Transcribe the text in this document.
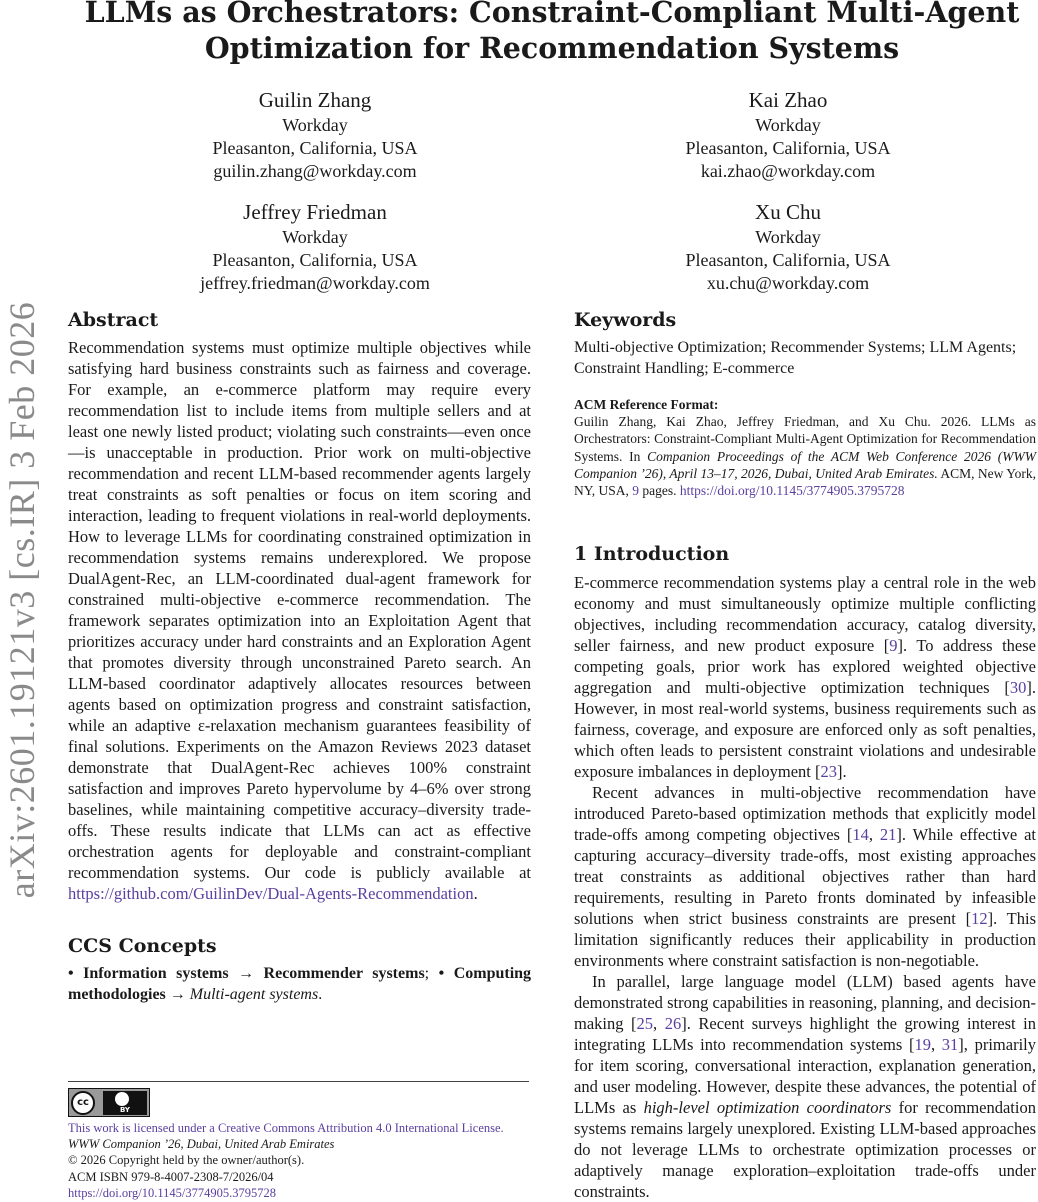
arXiv:2601.19121v3 [cs.IR] 3 Feb 2026
LLMs as Orchestrators: Constraint-Compliant Multi-Agent
Optimization for Recommendation Systems
Guilin Zhang
Workday
Pleasanton, California, USA
guilin.zhang@workday.com
Kai Zhao
Workday
Pleasanton, California, USA
kai.zhao@workday.com
Jeffrey Friedman
Workday
Pleasanton, California, USA
jeffrey.friedman@workday.com
Xu Chu
Workday
Pleasanton, California, USA
xu.chu@workday.com
Abstract

Recommendation systems must optimize multiple objectives while satisfying hard business constraints such as fairness and coverage. For example, an e-commerce platform may require every recommendation list to include items from multiple sellers and at least one newly listed product; violating such constraints—even once—is unacceptable in production. Prior work on multi-objective recommendation and recent LLM-based recommender agents largely treat constraints as soft penalties or focus on item scoring and interaction, leading to frequent violations in real-world deployments. How to leverage LLMs for coordinating constrained optimization in recommendation systems remains underexplored. We propose DualAgent-Rec, an LLM-coordinated dual-agent framework for constrained multi-objective e-commerce recommendation. The framework separates optimization into an Exploitation Agent that prioritizes accuracy under hard constraints and an Exploration Agent that promotes diversity through unconstrained Pareto search. An LLM-based coordinator adaptively allocates resources between agents based on optimization progress and constraint satisfaction, while an adaptive ε-relaxation mechanism guarantees feasibility of final solutions. Experiments on the Amazon Reviews 2023 dataset demonstrate that DualAgent-Rec achieves 100% constraint satisfaction and improves Pareto hypervolume by 4–6% over strong baselines, while maintaining competitive accuracy–diversity trade-offs. These results indicate that LLMs can act as effective orchestration agents for deployable and constraint-compliant recommendation systems. Our code is publicly available at https://github.com/GuilinDev/Dual-Agents-Recommendation.

CCS Concepts

• Information systems → Recommender systems; • Computing methodologies → Multi-agent systems.

cc
BY
This work is licensed under a Creative Commons Attribution 4.0 International License.
WWW Companion ’26, Dubai, United Arab Emirates
© 2026 Copyright held by the owner/author(s).
ACM ISBN 979-8-4007-2308-7/2026/04
https://doi.org/10.1145/3774905.3795728
Keywords

Multi-objective Optimization; Recommender Systems; LLM Agents; Constraint Handling; E-commerce

ACM Reference Format:

Guilin Zhang, Kai Zhao, Jeffrey Friedman, and Xu Chu. 2026. LLMs as Orchestrators: Constraint-Compliant Multi-Agent Optimization for Recommendation Systems. In Companion Proceedings of the ACM Web Conference 2026 (WWW Companion ’26), April 13–17, 2026, Dubai, United Arab Emirates. ACM, New York, NY, USA, 9 pages. https://doi.org/10.1145/3774905.3795728

1 Introduction

E-commerce recommendation systems play a central role in the web economy and must simultaneously optimize multiple conflicting objectives, including recommendation accuracy, catalog diversity, seller fairness, and new product exposure [9]. To address these competing goals, prior work has explored weighted objective aggregation and multi-objective optimization techniques [30]. However, in most real-world systems, business requirements such as fairness, coverage, and exposure are enforced only as soft penalties, which often leads to persistent constraint violations and undesirable exposure imbalances in deployment [23].

Recent advances in multi-objective recommendation have introduced Pareto-based optimization methods that explicitly model trade-offs among competing objectives [14, 21]. While effective at capturing accuracy–diversity trade-offs, most existing approaches treat constraints as additional objectives rather than hard requirements, resulting in Pareto fronts dominated by infeasible solutions when strict business constraints are present [12]. This limitation significantly reduces their applicability in production environments where constraint satisfaction is non-negotiable.

In parallel, large language model (LLM) based agents have demonstrated strong capabilities in reasoning, planning, and decision-making [25, 26]. Recent surveys highlight the growing interest in integrating LLMs into recommendation systems [19, 31], primarily for item scoring, conversational interaction, explanation generation, and user modeling. However, despite these advances, the potential of LLMs as high-level optimization coordinators for recommendation systems remains largely unexplored. Existing LLM-based approaches do not leverage LLMs to orchestrate optimization processes or adaptively manage exploration–exploitation trade-offs under constraints.
